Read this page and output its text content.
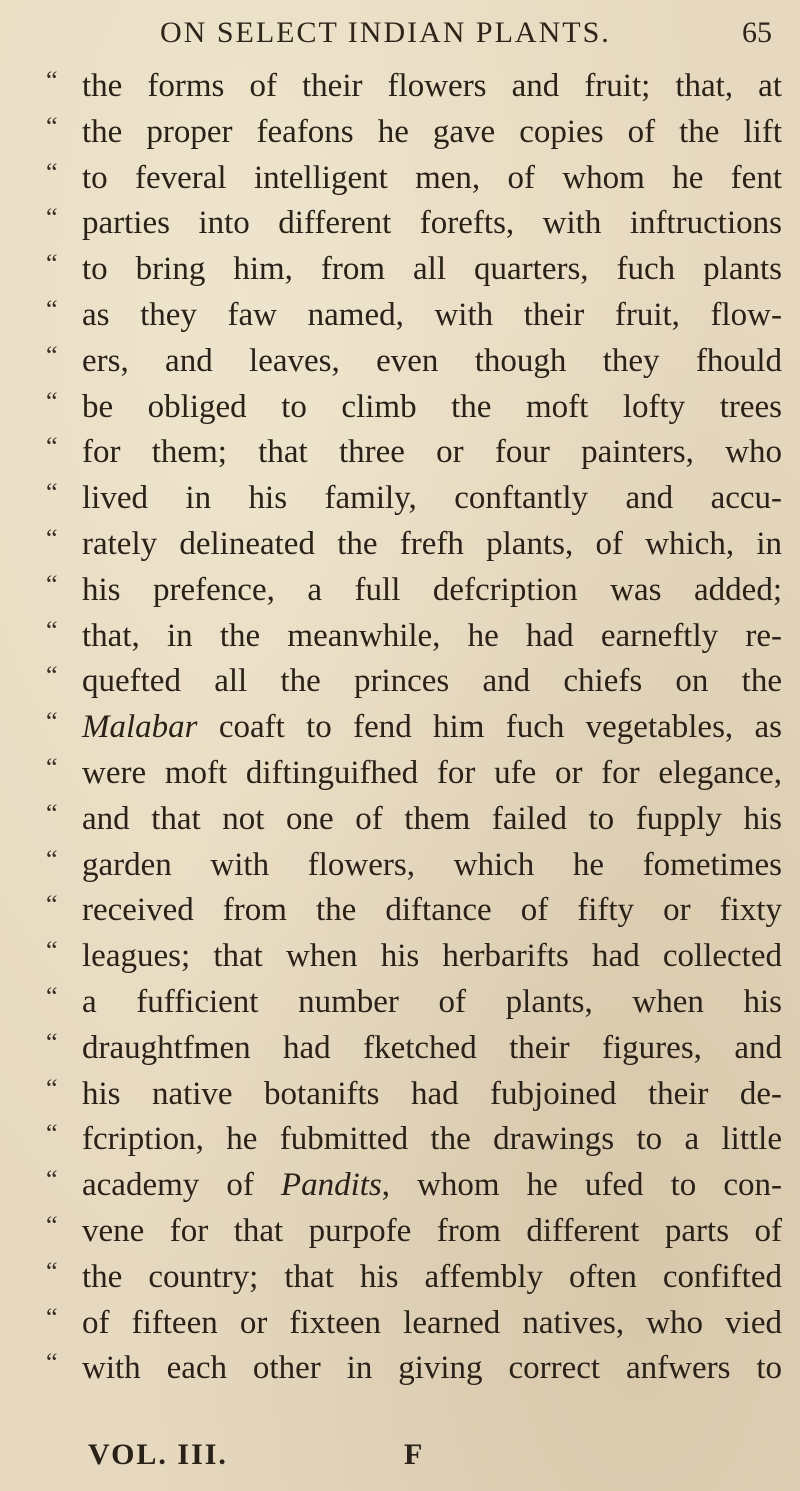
ON SELECT INDIAN PLANTS.	65
“ the forms of their flowers and fruit; that, at
“ the proper feafons he gave copies of the lift
“ to feveral intelligent men, of whom he fent
“ parties into different forefts, with inftructions
“ to bring him, from all quarters, fuch plants
“ as they faw named, with their fruit, flow-
“ ers, and leaves, even though they fhould
“ be obliged to climb the moft lofty trees
“ for them; that three or four painters, who
“ lived in his family, conftantly and accu-
“ rately delineated the frefh plants, of which, in
“ his prefence, a full defcription was added;
“ that, in the meanwhile, he had earneftly re-
“ quefted all the princes and chiefs on the
“ Malabar coaft to fend him fuch vegetables, as
“ were moft diftinguifhed for ufe or for elegance,
“ and that not one of them failed to fupply his
“ garden with flowers, which he fometimes
“ received from the diftance of fifty or fixty
“ leagues; that when his herbarifts had collected
“ a fufficient number of plants, when his
“ draughtfmen had fketched their figures, and
“ his native botanifts had fubjoined their de-
“ fcription, he fubmitted the drawings to a little
“ academy of Pandits, whom he ufed to con-
“ vene for that purpofe from different parts of
“ the country; that his affembly often confifted
“ of fifteen or fixteen learned natives, who vied
“ with each other in giving correct anfwers to
VOL. III.	F
